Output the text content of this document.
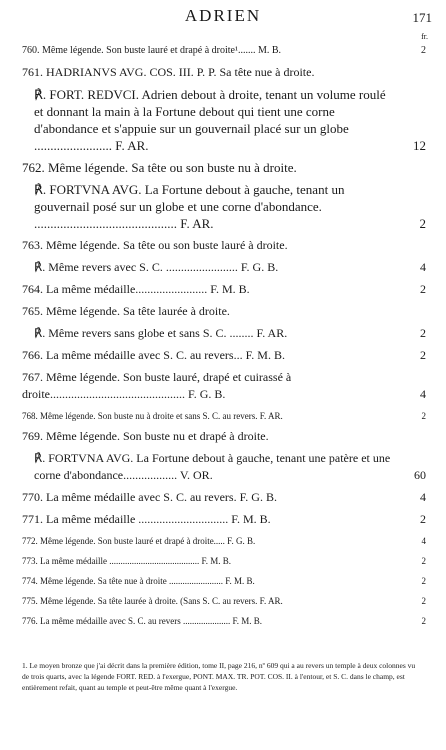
ADRIEN	171
fr.
760. Même légende. Son buste lauré et drapé à droite¹....... M. B.	2
761. HADRIANVS AVG. COS. III. P. P. Sa tête nue à droite.
℟. FORT. REDVCI. Adrien debout à droite, tenant un volume roulé et donnant la main à la Fortune debout qui tient une corne d'abondance et s'appuie sur un gouvernail placé sur un globe ........................ F. AR.	12
762. Même légende. Sa tête ou son buste nu à droite.
℟. FORTVNA AVG. La Fortune debout à gauche, tenant un gouvernail posé sur un globe et une corne d'abondance. ............................................ F. AR.	2
763. Même légende. Sa tête ou son buste lauré à droite.
℟. Même revers avec S. C. ........................ F. G. B.	4
764. La même médaille........................ F. M. B.	2
765. Même légende. Sa tête laurée à droite.
℟. Même revers sans globe et sans S. C. ........ F. AR.	2
766. La même médaille avec S. C. au revers... F. M. B.	2
767. Même légende. Son buste lauré, drapé et cuirassé à droite............................................. F. G. B.	4
768. Même légende. Son buste nu à droite et sans S. C. au revers. F. AR.	2
769. Même légende. Son buste nu et drapé à droite.
℟. FORTVNA AVG. La Fortune debout à gauche, tenant une patère et une corne d'abondance.................. V. OR.	60
770. La même médaille avec S. C. au revers. F. G. B.	4
771. La même médaille .............................. F. M. B.	2
772. Même légende. Son buste lauré et drapé à droite..... F. G. B.	4
773. La même médaille ........................................ F. M. B.	2
774. Même légende. Sa tête nue à droite ........................ F. M. B.	2
775. Même légende. Sa tête laurée à droite. (Sans S. C. au revers. F. AR.	2
776. La même médaille avec S. C. au revers ..................... F. M. B.	2
1. Le moyen bronze que j'ai décrit dans la première édition, tome II, page 216, nº 609 qui a au revers un temple à deux colonnes vu de trois quarts, avec la légende FORT. RED. à l'exergue, PONT. MAX. TR. POT. COS. II. à l'entour, et S. C. dans le champ, est entièrement refait, quant au temple et peut-être même quant à l'exergue.
